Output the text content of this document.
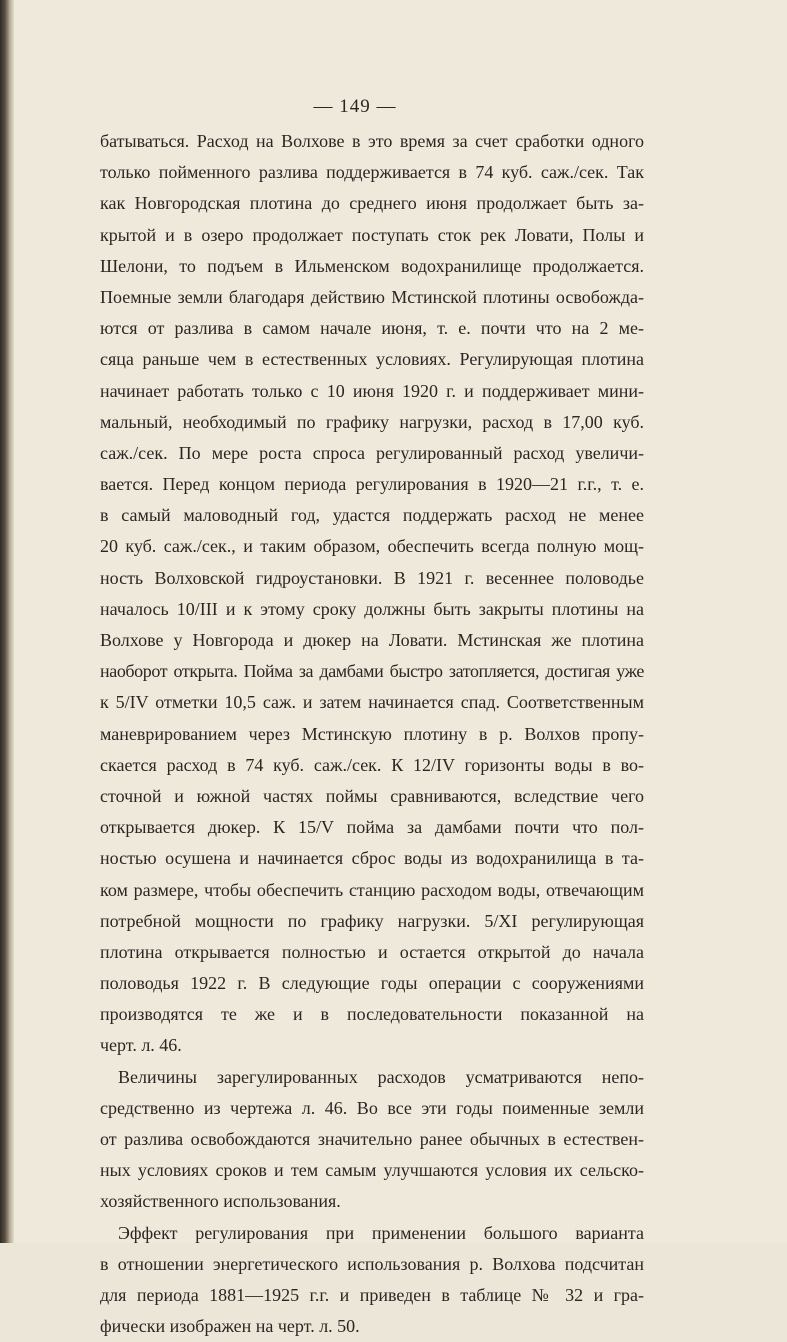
— 149 —
батываться. Расход на Волхове в это время за счет сработки одного
только пойменного разлива поддерживается в 74 куб. саж./сек. Так
как Новгородская плотина до среднего июня продолжает быть за-
крытой и в озеро продолжает поступать сток рек Ловати, Полы и
Шелони, то подъем в Ильменском водохранилище продолжается.
Поемные земли благодаря действию Мстинской плотины освобожда-
ются от разлива в самом начале июня, т. е. почти что на 2 ме-
сяца раньше чем в естественных условиях. Регулирующая плотина
начинает работать только с 10 июня 1920 г. и поддерживает мини-
мальный, необходимый по графику нагрузки, расход в 17,00 куб.
саж./сек. По мере роста спроса регулированный расход увеличи-
вается. Перед концом периода регулирования в 1920—21 г.г., т. е.
в самый маловодный год, удастся поддержать расход не менее
20 куб. саж./сек., и таким образом, обеспечить всегда полную мощ-
ность Волховской гидроустановки. В 1921 г. весеннее половодье
началось 10/III и к этому сроку должны быть закрыты плотины на
Волхове у Новгорода и дюкер на Ловати. Мстинская же плотина
наоборот открыта. Пойма за дамбами быстро затопляется, достигая уже
к 5/IV отметки 10,5 саж. и затем начинается спад. Соответственным
маневрированием через Мстинскую плотину в р. Волхов пропу-
скается расход в 74 куб. саж./сек. К 12/IV горизонты воды в во-
сточной и южной частях поймы сравниваются, вследствие чего
открывается дюкер. К 15/V пойма за дамбами почти что пол-
ностью осушена и начинается сброс воды из водохранилища в та-
ком размере, чтобы обеспечить станцию расходом воды, отвечающим
потребной мощности по графику нагрузки. 5/XI регулирующая
плотина открывается полностью и остается открытой до начала
половодья 1922 г. В следующие годы операции с сооружениями
производятся те же и в последовательности показанной на
черт. л. 46.
Величины зарегулированных расходов усматриваются непо-
средственно из чертежа л. 46. Во все эти годы поименные земли
от разлива освобождаются значительно ранее обычных в естествен-
ных условиях сроков и тем самым улучшаются условия их сельско-
хозяйственного использования.
Эффект регулирования при применении большого варианта
в отношении энергетического использования р. Волхова подсчитан
для периода 1881—1925 г.г. и приведен в таблице № 32 и гра-
фически изображен на черт. л. 50.
